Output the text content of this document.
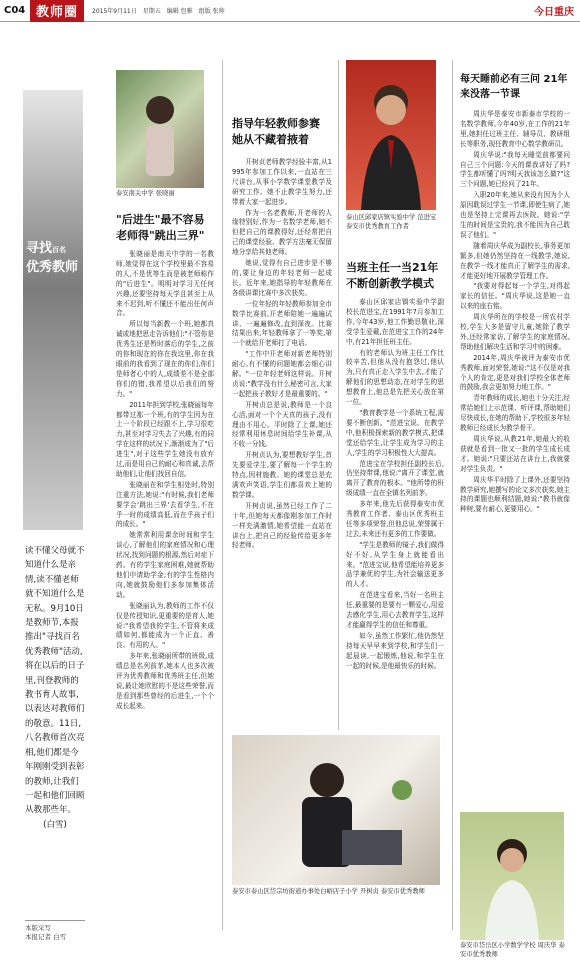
C04 教师圈	2015年9月11日 星期五 编辑 包雅 组版 张帅	今日重庆
寻找百名
优秀教师
读不懂父母就不知道什么是亲情,读不懂老师就不知道什么是无私。9月10日是教师节,本报推出"寻找百名优秀教师"活动,将在以后的日子里,刊登教师的教书育人故事,以表达对教师们的敬意。11日,八名教师首次亮相,他们都是今年刚刚受到表彰的教师,让我们一起和他们回顾从教那些年。

(白雪)
本版采写
本报记者 白雪
泰安南关中学 张晓丽
"后进生"最不容易 老师得"跳出三界"

张晓丽是南关中学的一名教师,她觉得在这个学校里最不容易的人,不是优等生而是被老师称作的"后进生"。明明对学习无任何兴趣,还要坚持每天学且甚至上从来不迟到,听不懂还不能出任何声音。

所以每当新教一个班,她都真诚或地把思走告诉他们:"不管你是优秀生还是暂时落后的学生,之前的你和现在的你在我这里,你在我眼前的我看到了现在的你们,你们是师者心中的人,成绩差不是全部你们的错,我希望以后我们的努力。"

2011年担到学校,张晓丽每年都带过那一个班,有的学生因为在上一个阶段已经跟不上,学习很吃力,甚至对学习失去了兴趣,有的同学在这样的状况下,渐渐成为了"后进生",对于这些学生她没有放弃过,而是用自己的耐心和真诚,去帮助他们,让他们找回自信。

张晓丽在和学生相处时,特别注重方法,她说:"有时候,我们老师要学会'跳出三界'去看学生,不在乎一时的成绩高低,而在乎孩子们的成长。"

她常常利用课余时间和学生谈心,了解他们的家庭情况和心理状况,找到问题的根源,然后对症下药。有的学生家庭困难,她就帮助他们申请助学金;有的学生性格内向,她就鼓励他们多参加集体活动。

张晓丽认为,教师的工作不仅仅是传授知识,更重要的是育人,她说:"我希望我的学生,不管将来成绩如何,都能成为一个正直、善良、有用的人。"

多年来,张晓丽所带的班级,成绩总是名列前茅,她本人也多次被评为优秀教师和优秀班主任,但她说,最让她欣慰的不是这些荣誉,而是看到那些曾经的后进生,一个个成长起来。

指导年轻教师参赛 她从不藏着掖着

开树贞老师教学经验丰富,从1995年参加工作以来,一直站在三尺讲台,从事小学数学课堂教学及研究工作。她不止教学生努力,还带着大家一起进步。

作为一名老教师,开老师的人缘特别好,作为一名数学老师,她不但把自己的课教得好,还经常把自己的课堂经验、教学方法毫无保留地分享给其他老师。

她说,觉得有自己进步是不够的,要让身边的年轻老师一起成长。近年来,她指导的年轻教师在各级讲课比赛中多次获奖。

一位年轻的年轻教师参加全市数学比赛前,开老师陪她一遍遍试讲、一遍遍修改,直到深夜。比赛结果出来,年轻教师拿了一等奖,第一个就给开老师打了电话。

"工作中开老师对新老师特别耐心,有不懂的问题她都会细心讲解。"一位年轻老师这样说。开树贞说:"教学没有什么秘密可言,大家一起把孩子教好才是最重要的。"

开树贞总是说,教师是一个良心活,面对一个个天真的孩子,没有理由不用心。平时除了上课,她还经常利用休息时间给学生补课,从不收一分钱。

开树贞认为,要想教好学生,首先要爱学生,要了解每一个学生的特点,因材施教。她的课堂总是充满欢声笑语,学生们都喜欢上她的数学课。

开树贞说,虽然已经工作了二十年,但她每天都像刚参加工作时一样充满激情,她希望能一直站在讲台上,把自己的经验传给更多年轻老师。

泰安市泰山区岱宗坊街道办事处白峪店子小学 开树贞 泰安市优秀教师
泰山区邱家店镇实验中学 范进宝 泰安市优秀教育工作者
当班主任一当21年 不断创新教学模式

泰山区邱家店镇实验中学副校长范进宝,在1991年7月参加工作,今年43岁,他工作勤恳敬业,深受学生爱戴,在范进宝工作的24年中,有21年担任班主任。

有的老师认为班主任工作比较辛苦,但他从没有抱怨过,他认为,只有真正走入学生中去,才能了解他们的思想动态,在对学生的思想教育上,他总是先把关心放在第一位。

"教育教学是一个系统工程,需要不断创新。"范进宝说。在教学中,他积极探索新的教学模式,把课堂还给学生,让学生成为学习的主人,学生的学习积极性大大提高。

范进宝在学校担任副校长后,仍坚持带课,他说:"离开了课堂,就离开了教育的根本。"他所带的班级成绩一直在全镇名列前茅。

多年来,他先后获得泰安市优秀教育工作者、泰山区优秀班主任等多项荣誉,但他总说,荣誉属于过去,未来还有更多的工作要做。

"学生是教师的镜子,我们做得好不好,从学生身上就能看出来。"范进宝说,他希望能培养更多品学兼优的学生,为社会输送更多的人才。

在范进宝看来,当好一名班主任,最重要的是要有一颗爱心,用爱去感化学生,用心去教育学生,这样才能赢得学生的信任和尊重。

如今,虽然工作繁忙,他仍然坚持每天早早来到学校,和学生们一起晨读,一起锻炼,他说,和学生在一起的时候,是他最快乐的时候。

每天睡前必有三问 21年来没落一节课

周庆华是泰安市新泰市学校的一名数学教师,今年40岁,在工作的21年里,她担任过班主任、辅导员、教研组长等职务,现任教育中心数学教研员。

周庆华说:"我每天睡觉前都要问自己三个问题:今天的课我讲好了吗?学生都听懂了吗?明天我该怎么做?"这三个问题,她已经问了21年。

入职20年来,她从来没有因为个人原因耽误过学生一节课,即使生病了,她也是坚持上完课再去医院。她说:"学生的时间是宝贵的,我不能因为自己耽误了他们。"

随着周庆华成为副校长,事务更加繁多,但她仍然坚持在一线教学,她说,在教学一线才能真正了解学生的需求,才能更好地开展教学管理工作。

"我要对得起每一个学生,对得起家长的信任。"周庆华说,这是她一直以来的座右铭。

周庆华所在的学校是一所农村学校,学生大多是留守儿童,她除了教学外,还经常家访,了解学生的家庭情况,帮助他们解决生活和学习中的困难。

2014年,周庆华被评为泰安市优秀教师,面对荣誉,她说:"这不仅是对我个人的肯定,更是对我们学校全体老师的鼓励,我会更加努力地工作。"

青年教师的成长,她也十分关注,经常给她们上示范课、听评课,帮助她们尽快成长,在她的帮助下,学校很多年轻教师已经成长为教学骨干。

周庆华说,从教21年,她最大的收获就是看到一批又一批的学生成长成才。她说:"只要还站在讲台上,我就要对学生负责。"

周庆华平时除了上课外,还要坚持教学研究,她撰写的论文多次获奖,她主持的课题也顺利结题,她说:"教书就像种树,要有耐心,更要用心。"

泰安市岱岳区小学数学学校 周庆华 泰安市优秀教师
